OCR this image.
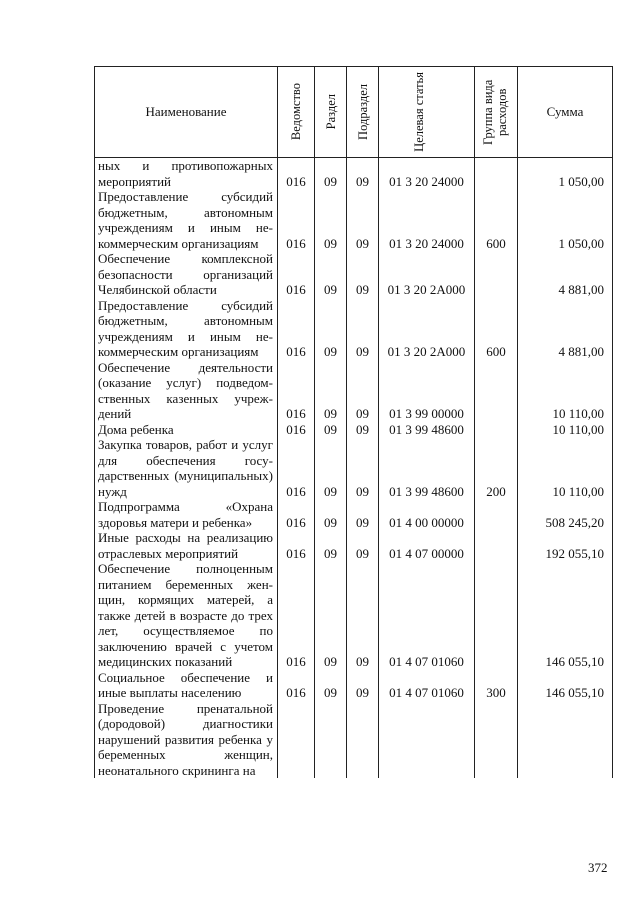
Наименование	Ведомство	Раздел	Подраздел	Целевая статья	Группа вида расходов	Сумма
ных и противопожарных мероприятий	016	09	09	01 3 20 24000		1 050,00
Предоставление субсидий бюджетным, автономным учреждениям и иным некоммерческим организациям	016	09	09	01 3 20 24000	600	1 050,00
Обеспечение комплексной безопасности организаций Челябинской области	016	09	09	01 3 20 2А000		4 881,00
Предоставление субсидий бюджетным, автономным учреждениям и иным некоммерческим организациям	016	09	09	01 3 20 2А000	600	4 881,00
Обеспечение деятельности (оказание услуг) подведомственных казенных учреждений	016	09	09	01 3 99 00000		10 110,00
Дома ребенка	016	09	09	01 3 99 48600		10 110,00
Закупка товаров, работ и услуг для обеспечения государственных (муниципальных) нужд	016	09	09	01 3 99 48600	200	10 110,00
Подпрограмма «Охрана здоровья матери и ребенка»	016	09	09	01 4 00 00000		508 245,20
Иные расходы на реализацию отраслевых мероприятий	016	09	09	01 4 07 00000		192 055,10
Обеспечение полноценным питанием беременных женщин, кормящих матерей, а также детей в возрасте до трех лет, осуществляемое по заключению врачей с учетом медицинских показаний	016	09	09	01 4 07 01060		146 055,10
Социальное обеспечение и иные выплаты населению	016	09	09	01 4 07 01060	300	146 055,10
Проведение пренатальной (дородовой) диагностики нарушений развития ребенка у беременных женщин, неонатального скрининга на						
372
